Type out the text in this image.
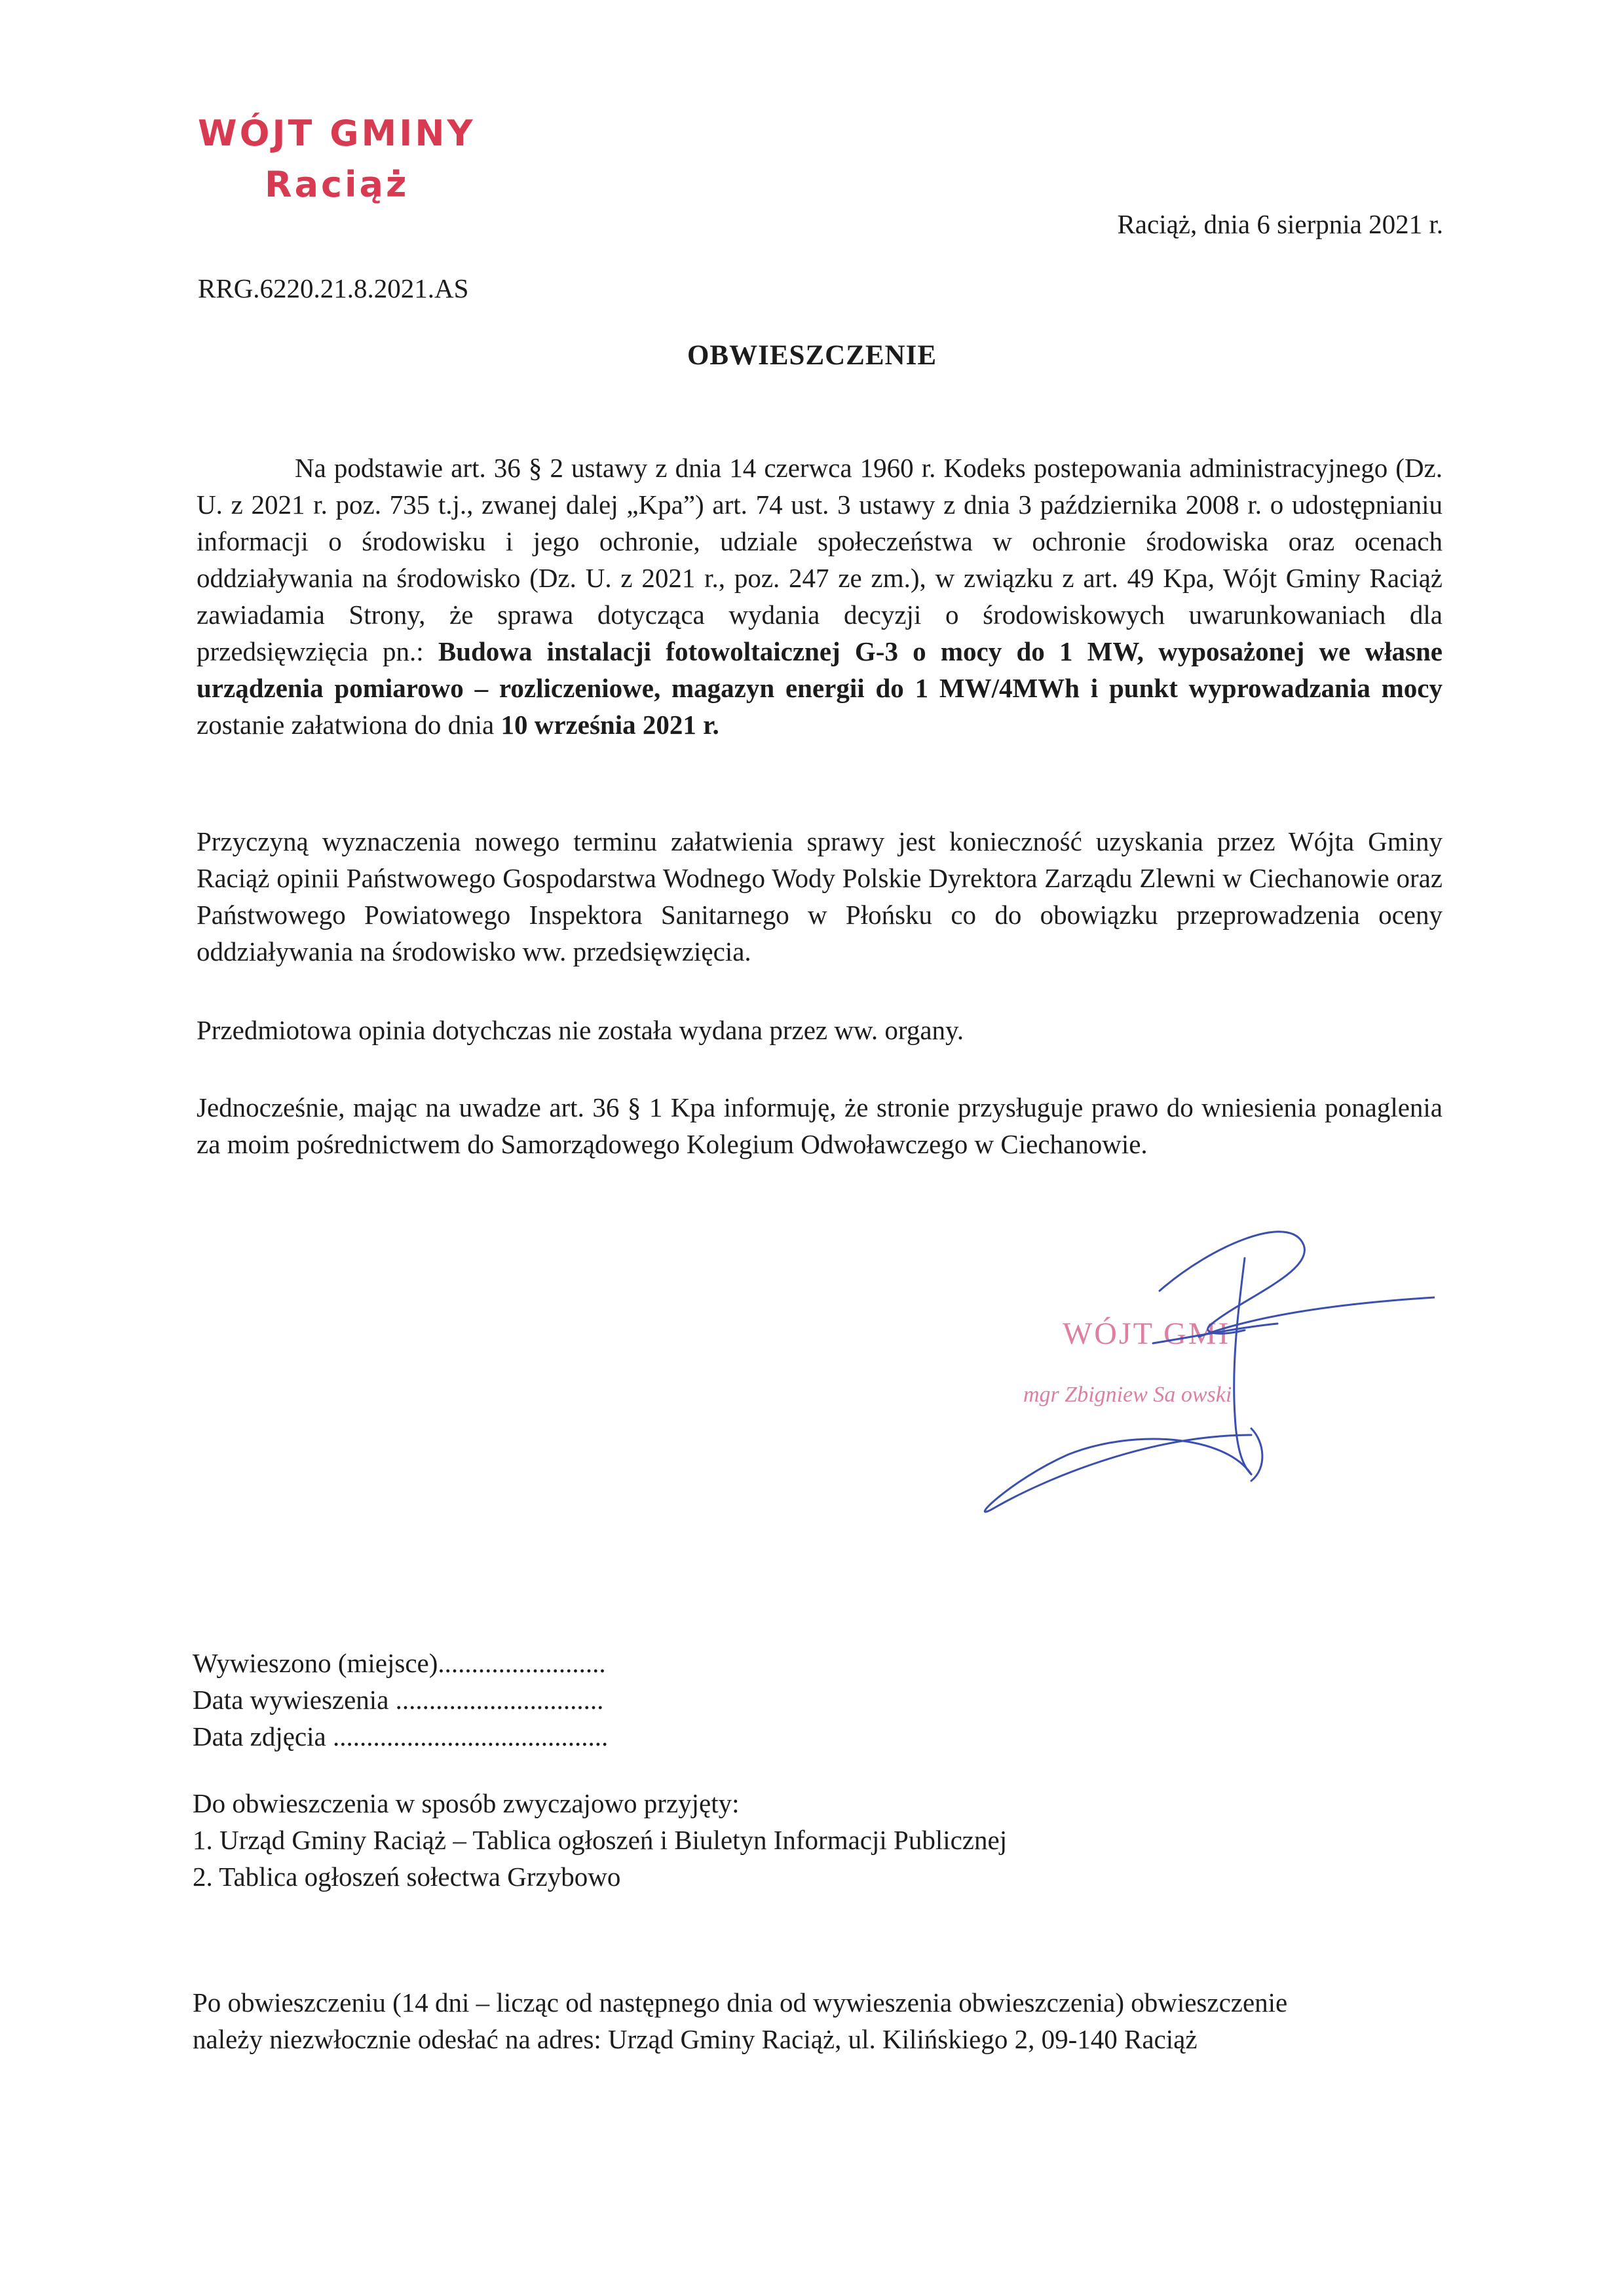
WÓJT GMINY
Raciąż
Raciąż, dnia 6 sierpnia 2021 r.
RRG.6220.21.8.2021.AS
OBWIESZCZENIE
Na podstawie art. 36 § 2 ustawy z dnia 14 czerwca 1960 r. Kodeks postepowania administracyjnego (Dz. U. z 2021 r. poz. 735 t.j., zwanej dalej „Kpa”) art. 74 ust. 3 ustawy z dnia 3 października 2008 r. o udostępnianiu informacji o środowisku i jego ochronie, udziale społeczeństwa w ochronie środowiska oraz ocenach oddziaływania na środowisko (Dz. U. z 2021 r., poz. 247 ze zm.), w związku z art. 49 Kpa, Wójt Gminy Raciąż zawiadamia Strony, że sprawa dotycząca wydania decyzji o środowiskowych uwarunkowaniach dla przedsięwzięcia pn.: Budowa instalacji fotowoltaicznej G-3 o mocy do 1 MW, wyposażonej we własne urządzenia pomiarowo – rozliczeniowe, magazyn energii do 1 MW/4MWh i punkt wyprowadzania mocy zostanie załatwiona do dnia 10 września 2021 r.
Przyczyną wyznaczenia nowego terminu załatwienia sprawy jest konieczność uzyskania przez Wójta Gminy Raciąż opinii Państwowego Gospodarstwa Wodnego Wody Polskie Dyrektora Zarządu Zlewni w Ciechanowie oraz Państwowego Powiatowego Inspektora Sanitarnego w Płońsku co do obowiązku przeprowadzenia oceny oddziaływania na środowisko ww. przedsięwzięcia.
Przedmiotowa opinia dotychczas nie została wydana przez ww. organy.
Jednocześnie, mając na uwadze art. 36 § 1 Kpa informuję, że stronie przysługuje prawo do wniesienia ponaglenia za moim pośrednictwem do Samorządowego Kolegium Odwoławczego w Ciechanowie.
WÓJT GMI
mgr Zbigniew Sa owski
Wywieszono (miejsce).........................
Data wywieszenia ...............................
Data zdjęcia .........................................
Do obwieszczenia w sposób zwyczajowo przyjęty:
1. Urząd Gminy Raciąż – Tablica ogłoszeń i Biuletyn Informacji Publicznej
2. Tablica ogłoszeń sołectwa Grzybowo
Po obwieszczeniu (14 dni – licząc od następnego dnia od wywieszenia obwieszczenia) obwieszczenie
należy niezwłocznie odesłać na adres: Urząd Gminy Raciąż, ul. Kilińskiego 2, 09-140 Raciąż
